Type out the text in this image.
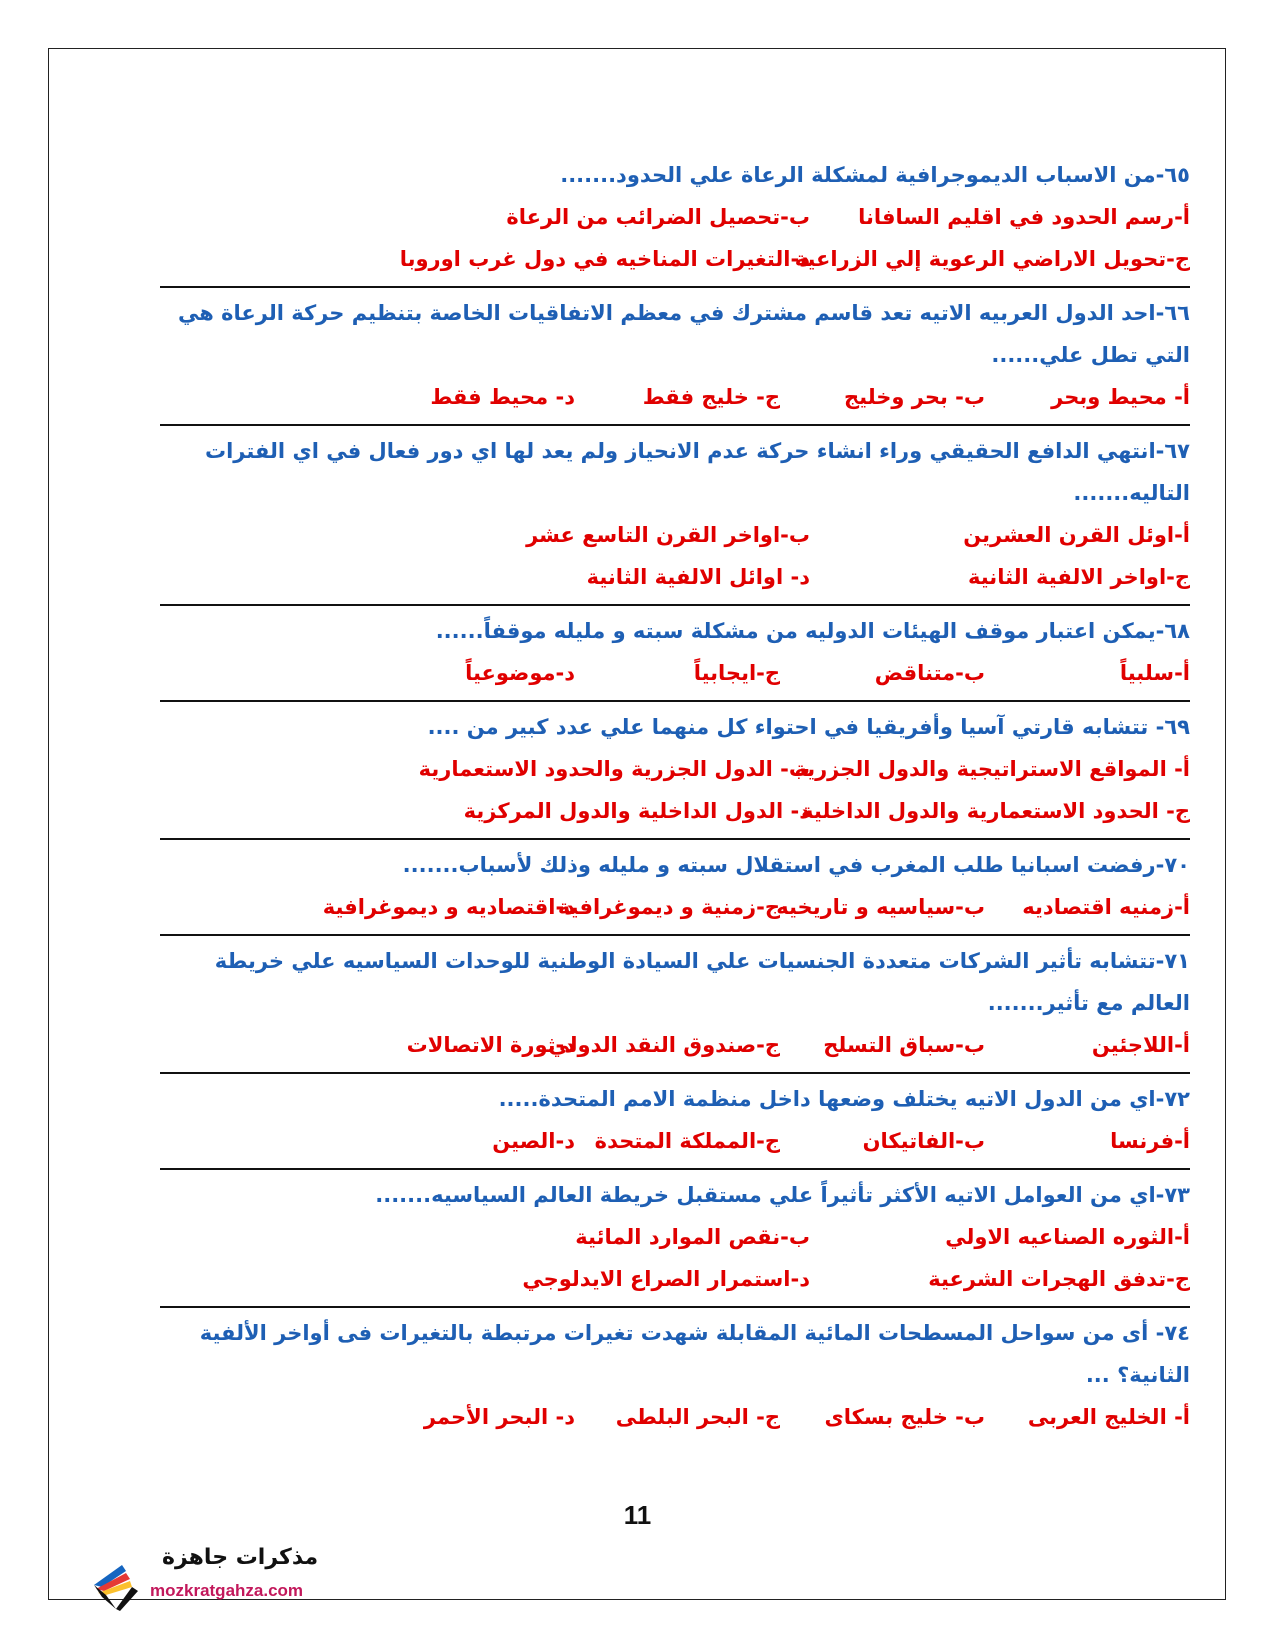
٦٥-من الاسباب الديموجرافية لمشكلة الرعاة علي الحدود.......

أ-رسم الحدود في اقليم السافانا
ب-تحصيل الضرائب من الرعاة
ج-تحويل الاراضي الرعوية إلي الزراعية
د-التغيرات المناخيه في دول غرب اوروبا

٦٦-احد الدول العربيه الاتيه تعد قاسم مشترك في معظم الاتفاقيات الخاصة بتنظيم حركة الرعاة هي التي تطل علي......

أ- محيط وبحر
ب- بحر وخليج
ج- خليج فقط
د- محيط فقط

٦٧-انتهي الدافع الحقيقي وراء انشاء حركة عدم الانحياز ولم يعد لها اي دور فعال في اي الفترات التاليه.......

أ-اوئل القرن العشرين
ب-اواخر القرن التاسع عشر
ج-اواخر الالفية الثانية
د- اوائل الالفية الثانية

٦٨-يمكن اعتبار موقف الهيئات الدوليه من مشكلة سبته و مليله موقفاً......

أ-سلبياً
ب-متناقض
ج-ايجابياً
د-موضوعياً

٦٩- تتشابه قارتي آسيا وأفريقيا في احتواء كل منهما علي عدد كبير من ....

أ- المواقع الاستراتيجية والدول الجزرية
ب- الدول الجزرية والحدود الاستعمارية
ج- الحدود الاستعمارية والدول الداخلية
د- الدول الداخلية والدول المركزية

٧٠-رفضت اسبانيا طلب المغرب في استقلال سبته و مليله وذلك لأسباب.......

أ-زمنيه اقتصاديه
ب-سياسيه و تاريخيه
ج-زمنية و ديموغرافية
د-اقتصاديه و ديموغرافية

٧١-تتشابه تأثير الشركات متعددة الجنسيات علي السيادة الوطنية للوحدات السياسيه علي خريطة العالم مع تأثير.......

أ-اللاجئين
ب-سباق التسلح
ج-صندوق النقد الدولي
د-ثورة الاتصالات

٧٢-اي من الدول الاتيه يختلف وضعها داخل منظمة الامم المتحدة.....

أ-فرنسا
ب-الفاتيكان
ج-المملكة المتحدة
د-الصين

٧٣-اي من العوامل الاتيه الأكثر تأثيراً علي مستقبل خريطة العالم السياسيه.......

أ-الثوره الصناعيه الاولي
ب-نقص الموارد المائية
ج-تدفق الهجرات الشرعية
د-استمرار الصراع الايدلوجي

٧٤- أى من سواحل المسطحات المائية المقابلة شهدت تغيرات مرتبطة بالتغيرات فى أواخر الألفية الثانية؟ ...

أ- الخليج العربى
ب- خليج بسكاى
ج- البحر البلطى
د- البحر الأحمر
11
مذكرات جاهزة
mozkratgahza.com
